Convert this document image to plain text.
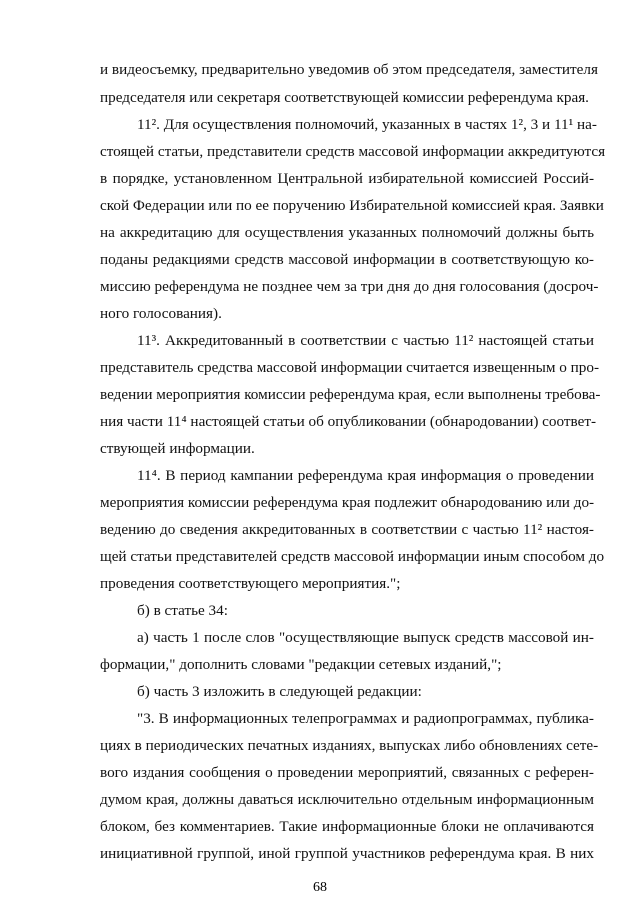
и видеосъемку, предварительно уведомив об этом председателя, заместителя
председателя или секретаря соответствующей комиссии референдума края.
11². Для осуществления полномочий, указанных в частях 1², 3 и 11¹ на-
стоящей статьи, представители средств массовой информации аккредитуются
в порядке, установленном Центральной избирательной комиссией Россий-
ской Федерации или по ее поручению Избирательной комиссией края. Заявки
на аккредитацию для осуществления указанных полномочий должны быть
поданы редакциями средств массовой информации в соответствующую ко-
миссию референдума не позднее чем за три дня до дня голосования (досроч-
ного голосования).
11³. Аккредитованный в соответствии с частью 11² настоящей статьи
представитель средства массовой информации считается извещенным о про-
ведении мероприятия комиссии референдума края, если выполнены требова-
ния части 11⁴ настоящей статьи об опубликовании (обнародовании) соответ-
ствующей информации.
11⁴. В период кампании референдума края информация о проведении
мероприятия комиссии референдума края подлежит обнародованию или до-
ведению до сведения аккредитованных в соответствии с частью 11² настоя-
щей статьи представителей средств массовой информации иным способом до
проведения соответствующего мероприятия.";
б) в статье 34:
а) часть 1 после слов "осуществляющие выпуск средств массовой ин-
формации," дополнить словами "редакции сетевых изданий,";
б) часть 3 изложить в следующей редакции:
"3. В информационных телепрограммах и радиопрограммах, публика-
циях в периодических печатных изданиях, выпусках либо обновлениях сете-
вого издания сообщения о проведении мероприятий, связанных с референ-
думом края, должны даваться исключительно отдельным информационным
блоком, без комментариев. Такие информационные блоки не оплачиваются
инициативной группой, иной группой участников референдума края. В них
68
